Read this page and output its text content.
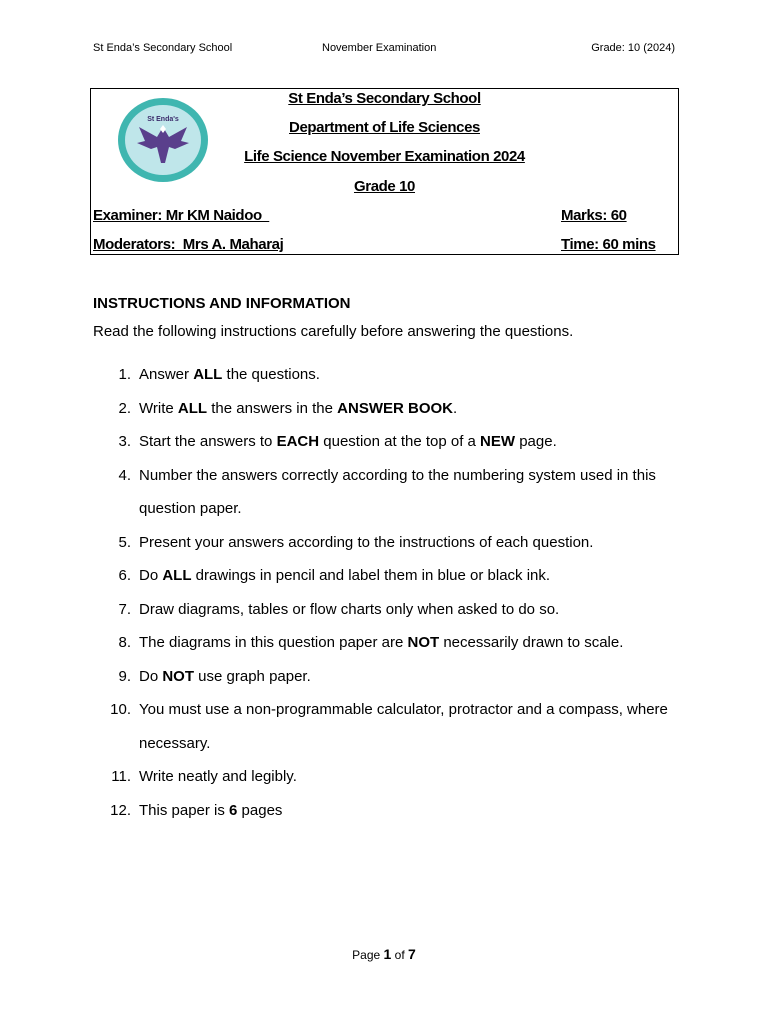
St Enda’s Secondary School	November Examination	Grade: 10 (2024)
St Enda's
St Enda’s Secondary School
Department of Life Sciences
Life Science November Examination 2024
Grade 10
Examiner: Mr KM Naidoo	Marks: 60
Moderators:  Mrs A. Maharaj	Time: 60 mins
INSTRUCTIONS AND INFORMATION
Read the following instructions carefully before answering the questions.
1. Answer ALL the questions.
2. Write ALL the answers in the ANSWER BOOK.
3. Start the answers to EACH question at the top of a NEW page.
4. Number the answers correctly according to the numbering system used in this question paper.
5. Present your answers according to the instructions of each question.
6. Do ALL drawings in pencil and label them in blue or black ink.
7. Draw diagrams, tables or flow charts only when asked to do so.
8. The diagrams in this question paper are NOT necessarily drawn to scale.
9. Do NOT use graph paper.
10. You must use a non-programmable calculator, protractor and a compass, where necessary.
11. Write neatly and legibly.
12. This paper is 6 pages
Page 1 of 7
